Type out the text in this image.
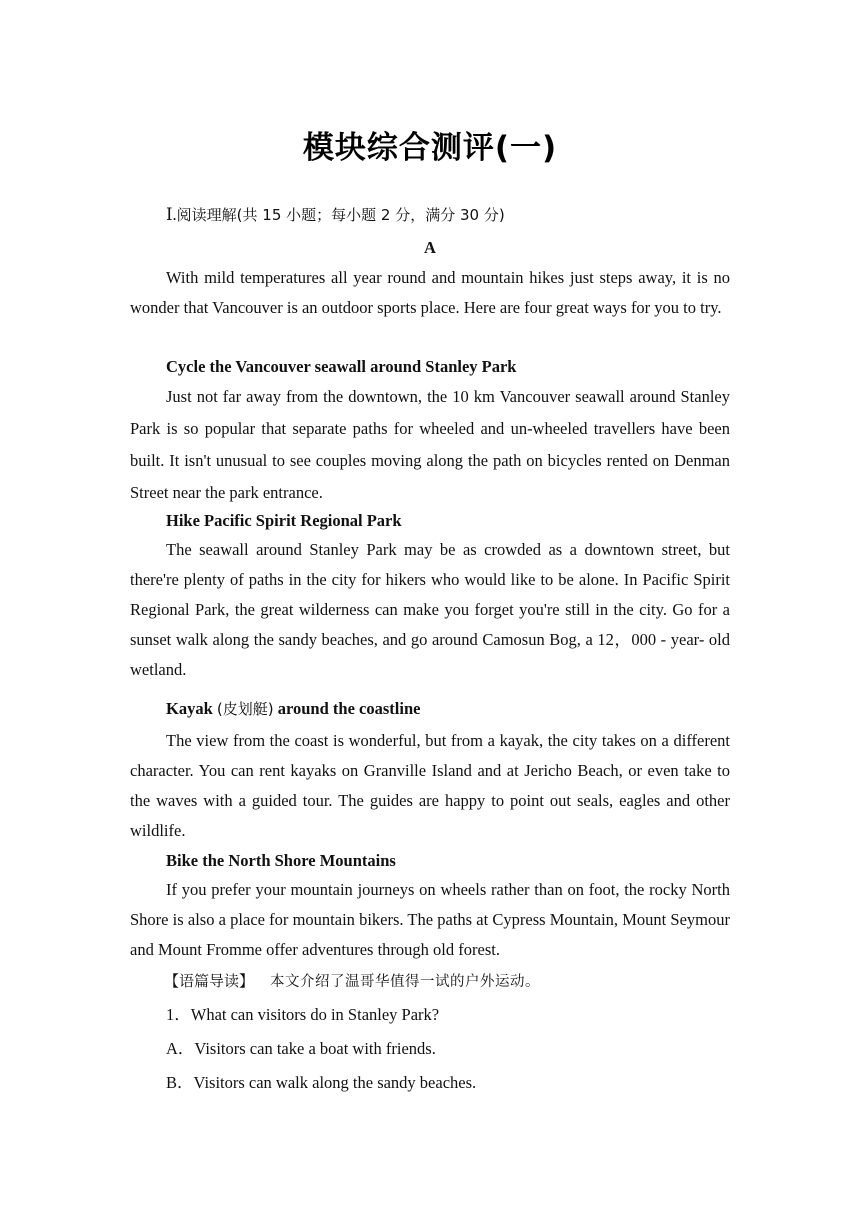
模块综合测评(一)
Ⅰ.阅读理解(共 15 小题；每小题 2 分，满分 30 分)
A
With mild temperatures all year round and mountain hikes just steps away, it is no wonder that Vancouver is an outdoor sports place. Here are four great ways for you to try.
Cycle the Vancouver seawall around Stanley Park
Just not far away from the downtown, the 10 km Vancouver seawall around Stanley Park is so popular that separate paths for wheeled and un-wheeled travellers have been built. It isn't unusual to see couples moving along the path on bicycles rented on Denman Street near the park entrance.
Hike Pacific Spirit Regional Park
The seawall around Stanley Park may be as crowded as a downtown street, but there're plenty of paths in the city for hikers who would like to be alone. In Pacific Spirit Regional Park, the great wilderness can make you forget you're still in the city. Go for a sunset walk along the sandy beaches, and go around Camosun Bog, a 12，000 - year- old wetland.
Kayak (皮划艇) around the coastline
The view from the coast is wonderful, but from a kayak, the city takes on a different character. You can rent kayaks on Granville Island and at Jericho Beach, or even take to the waves with a guided tour. The guides are happy to point out seals, eagles and other wildlife.
Bike the North Shore Mountains
If you prefer your mountain journeys on wheels rather than on foot, the rocky North Shore is also a place for mountain bikers. The paths at Cypress Mountain, Mount Seymour and Mount Fromme offer adventures through old forest.
【语篇导读】 本文介绍了温哥华值得一试的户外运动。
1．What can visitors do in Stanley Park?
A．Visitors can take a boat with friends.
B．Visitors can walk along the sandy beaches.
